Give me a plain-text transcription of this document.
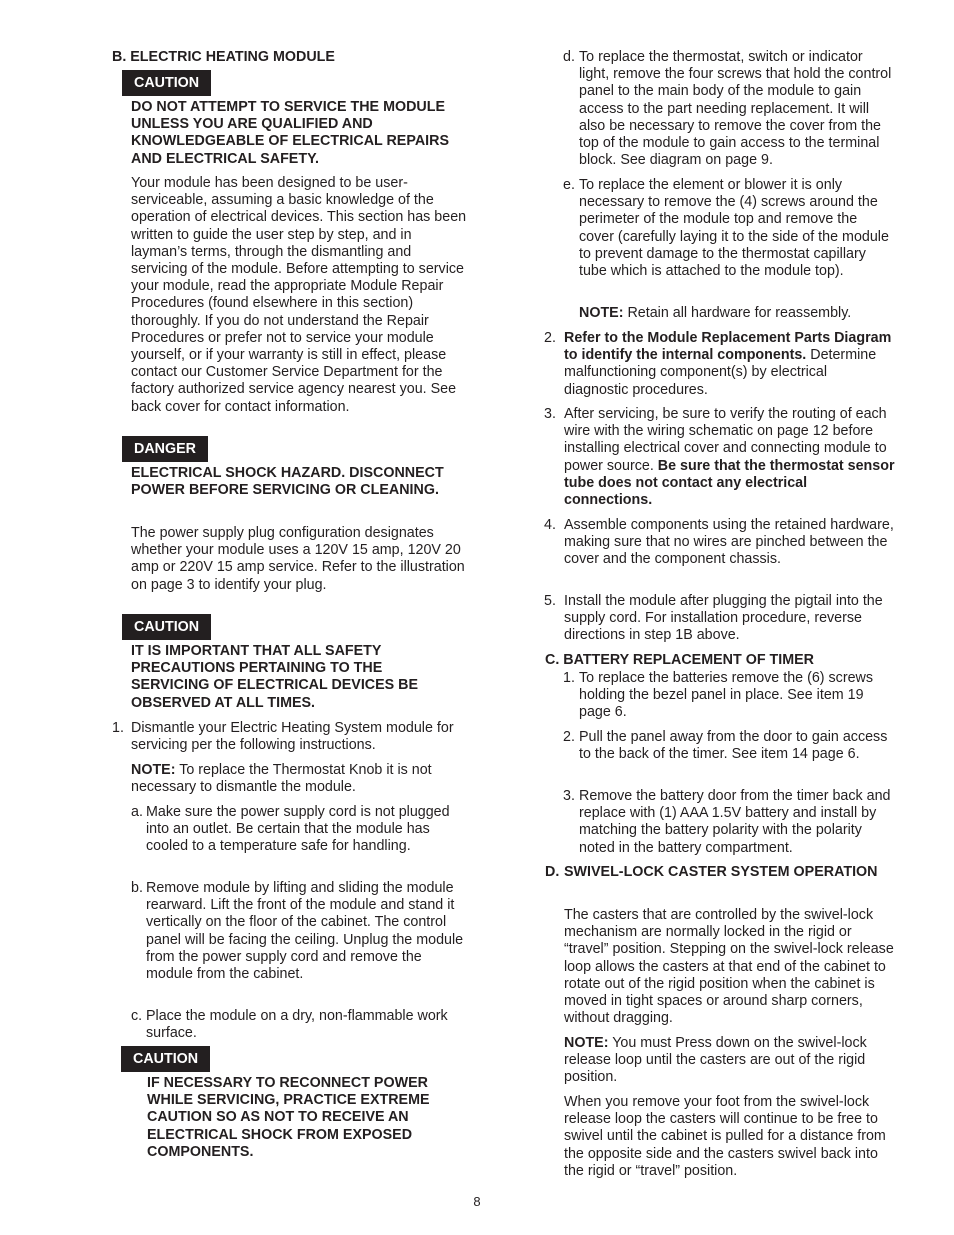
B. ELECTRIC HEATING MODULE
CAUTION
DO NOT ATTEMPT TO SERVICE THE MODULE UNLESS YOU ARE QUALIFIED AND KNOWLEDGEABLE OF ELECTRICAL REPAIRS AND ELECTRICAL SAFETY.
Your module has been designed to be user-serviceable, assuming a basic knowledge of the operation of electrical devices. This section has been written to guide the user step by step, and in layman’s terms, through the dismantling and servicing of the module. Before attempting to service your module, read the appropriate Module Repair Procedures (found elsewhere in this section) thoroughly. If you do not understand the Repair Procedures or prefer not to service your module yourself, or if your warranty is still in effect, please contact our Customer Service Department for the factory authorized service agency nearest you. See back cover for contact information.
DANGER
ELECTRICAL SHOCK HAZARD. DISCONNECT POWER BEFORE SERVICING OR CLEANING.
The power supply plug configuration designates whether your module uses a 120V 15 amp, 120V 20 amp or 220V 15 amp service. Refer to the illustration on page 3 to identify your plug.
CAUTION
IT IS IMPORTANT THAT ALL SAFETY PRECAUTIONS PERTAINING TO THE SERVICING OF ELECTRICAL DEVICES BE OBSERVED AT ALL TIMES.
1. Dismantle your Electric Heating System module for servicing per the following instructions.
NOTE: To replace the Thermostat Knob it is not necessary to dismantle the module.
a. Make sure the power supply cord is not plugged into an outlet. Be certain that the module has cooled to a temperature safe for handling.
b. Remove module by lifting and sliding the module rearward. Lift the front of the module and stand it vertically on the floor of the cabinet. The control panel will be facing the ceiling. Unplug the module from the power supply cord and remove the module from the cabinet.
c. Place the module on a dry, non-flammable work surface.
CAUTION
IF NECESSARY TO RECONNECT POWER WHILE SERVICING, PRACTICE EXTREME CAUTION SO AS NOT TO RECEIVE AN ELECTRICAL SHOCK FROM EXPOSED COMPONENTS.
d. To replace the thermostat, switch or indicator light, remove the four screws that hold the control panel to the main body of the module to gain access to the part needing replacement. It will also be necessary to remove the cover from the top of the module to gain access to the terminal block. See diagram on page 9.
e. To replace the element or blower it is only necessary to remove the (4) screws around the perimeter of the module top and remove the cover (carefully laying it to the side of the module to prevent damage to the thermostat capillary tube which is attached to the module top).
NOTE: Retain all hardware for reassembly.
2. Refer to the Module Replacement Parts Diagram to identify the internal components. Determine malfunctioning component(s) by electrical diagnostic procedures.
3. After servicing, be sure to verify the routing of each wire with the wiring schematic on page 12 before installing electrical cover and connecting module to power source. Be sure that the thermostat sensor tube does not contact any electrical connections.
4. Assemble components using the retained hardware, making sure that no wires are pinched between the cover and the component chassis.
5. Install the module after plugging the pigtail into the supply cord. For installation procedure, reverse directions in step 1B above.
C. BATTERY REPLACEMENT OF TIMER
1. To replace the batteries remove the (6) screws holding the bezel panel in place. See item 19 page 6.
2. Pull the panel away from the door to gain access to the back of the timer. See item 14 page 6.
3. Remove the battery door from the timer back and replace with (1) AAA 1.5V battery and install by matching the battery polarity with the polarity noted in the battery compartment.
D. SWIVEL-LOCK CASTER SYSTEM OPERATION
The casters that are controlled by the swivel-lock mechanism are normally locked in the rigid or “travel” position. Stepping on the swivel-lock release loop allows the casters at that end of the cabinet to rotate out of the rigid position when the cabinet is moved in tight spaces or around sharp corners, without dragging.
NOTE: You must Press down on the swivel-lock release loop until the casters are out of the rigid position.
When you remove your foot from the swivel-lock release loop the casters will continue to be free to swivel until the cabinet is pulled for a distance from the opposite side and the casters swivel back into the rigid or “travel” position.
8
